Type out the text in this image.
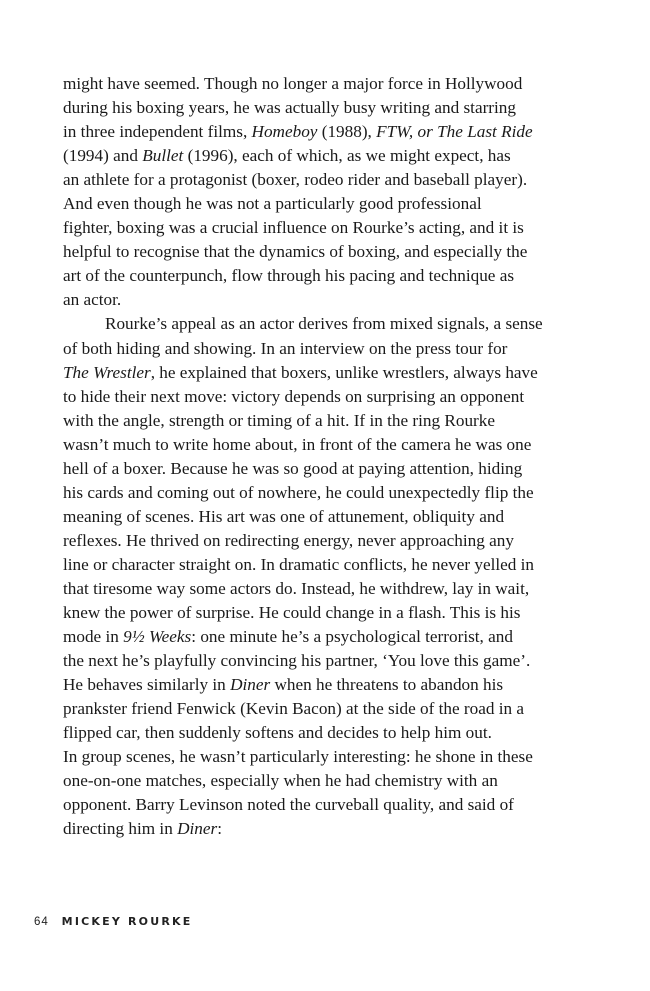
might have seemed. Though no longer a major force in Hollywood
during his boxing years, he was actually busy writing and starring
in three independent films, Homeboy (1988), FTW, or The Last Ride
(1994) and Bullet (1996), each of which, as we might expect, has
an athlete for a protagonist (boxer, rodeo rider and baseball player).
And even though he was not a particularly good professional
fighter, boxing was a crucial influence on Rourke’s acting, and it is
helpful to recognise that the dynamics of boxing, and especially the
art of the counterpunch, flow through his pacing and technique as
an actor.
Rourke’s appeal as an actor derives from mixed signals, a sense
of both hiding and showing. In an interview on the press tour for
The Wrestler, he explained that boxers, unlike wrestlers, always have
to hide their next move: victory depends on surprising an opponent
with the angle, strength or timing of a hit. If in the ring Rourke
wasn’t much to write home about, in front of the camera he was one
hell of a boxer. Because he was so good at paying attention, hiding
his cards and coming out of nowhere, he could unexpectedly flip the
meaning of scenes. His art was one of attunement, obliquity and
reflexes. He thrived on redirecting energy, never approaching any
line or character straight on. In dramatic conflicts, he never yelled in
that tiresome way some actors do. Instead, he withdrew, lay in wait,
knew the power of surprise. He could change in a flash. This is his
mode in 9½ Weeks: one minute he’s a psychological terrorist, and
the next he’s playfully convincing his partner, ‘You love this game’.
He behaves similarly in Diner when he threatens to abandon his
prankster friend Fenwick (Kevin Bacon) at the side of the road in a
flipped car, then suddenly softens and decides to help him out.
In group scenes, he wasn’t particularly interesting: he shone in these
one-on-one matches, especially when he had chemistry with an
opponent. Barry Levinson noted the curveball quality, and said of
directing him in Diner:
64 MICKEY ROURKE
